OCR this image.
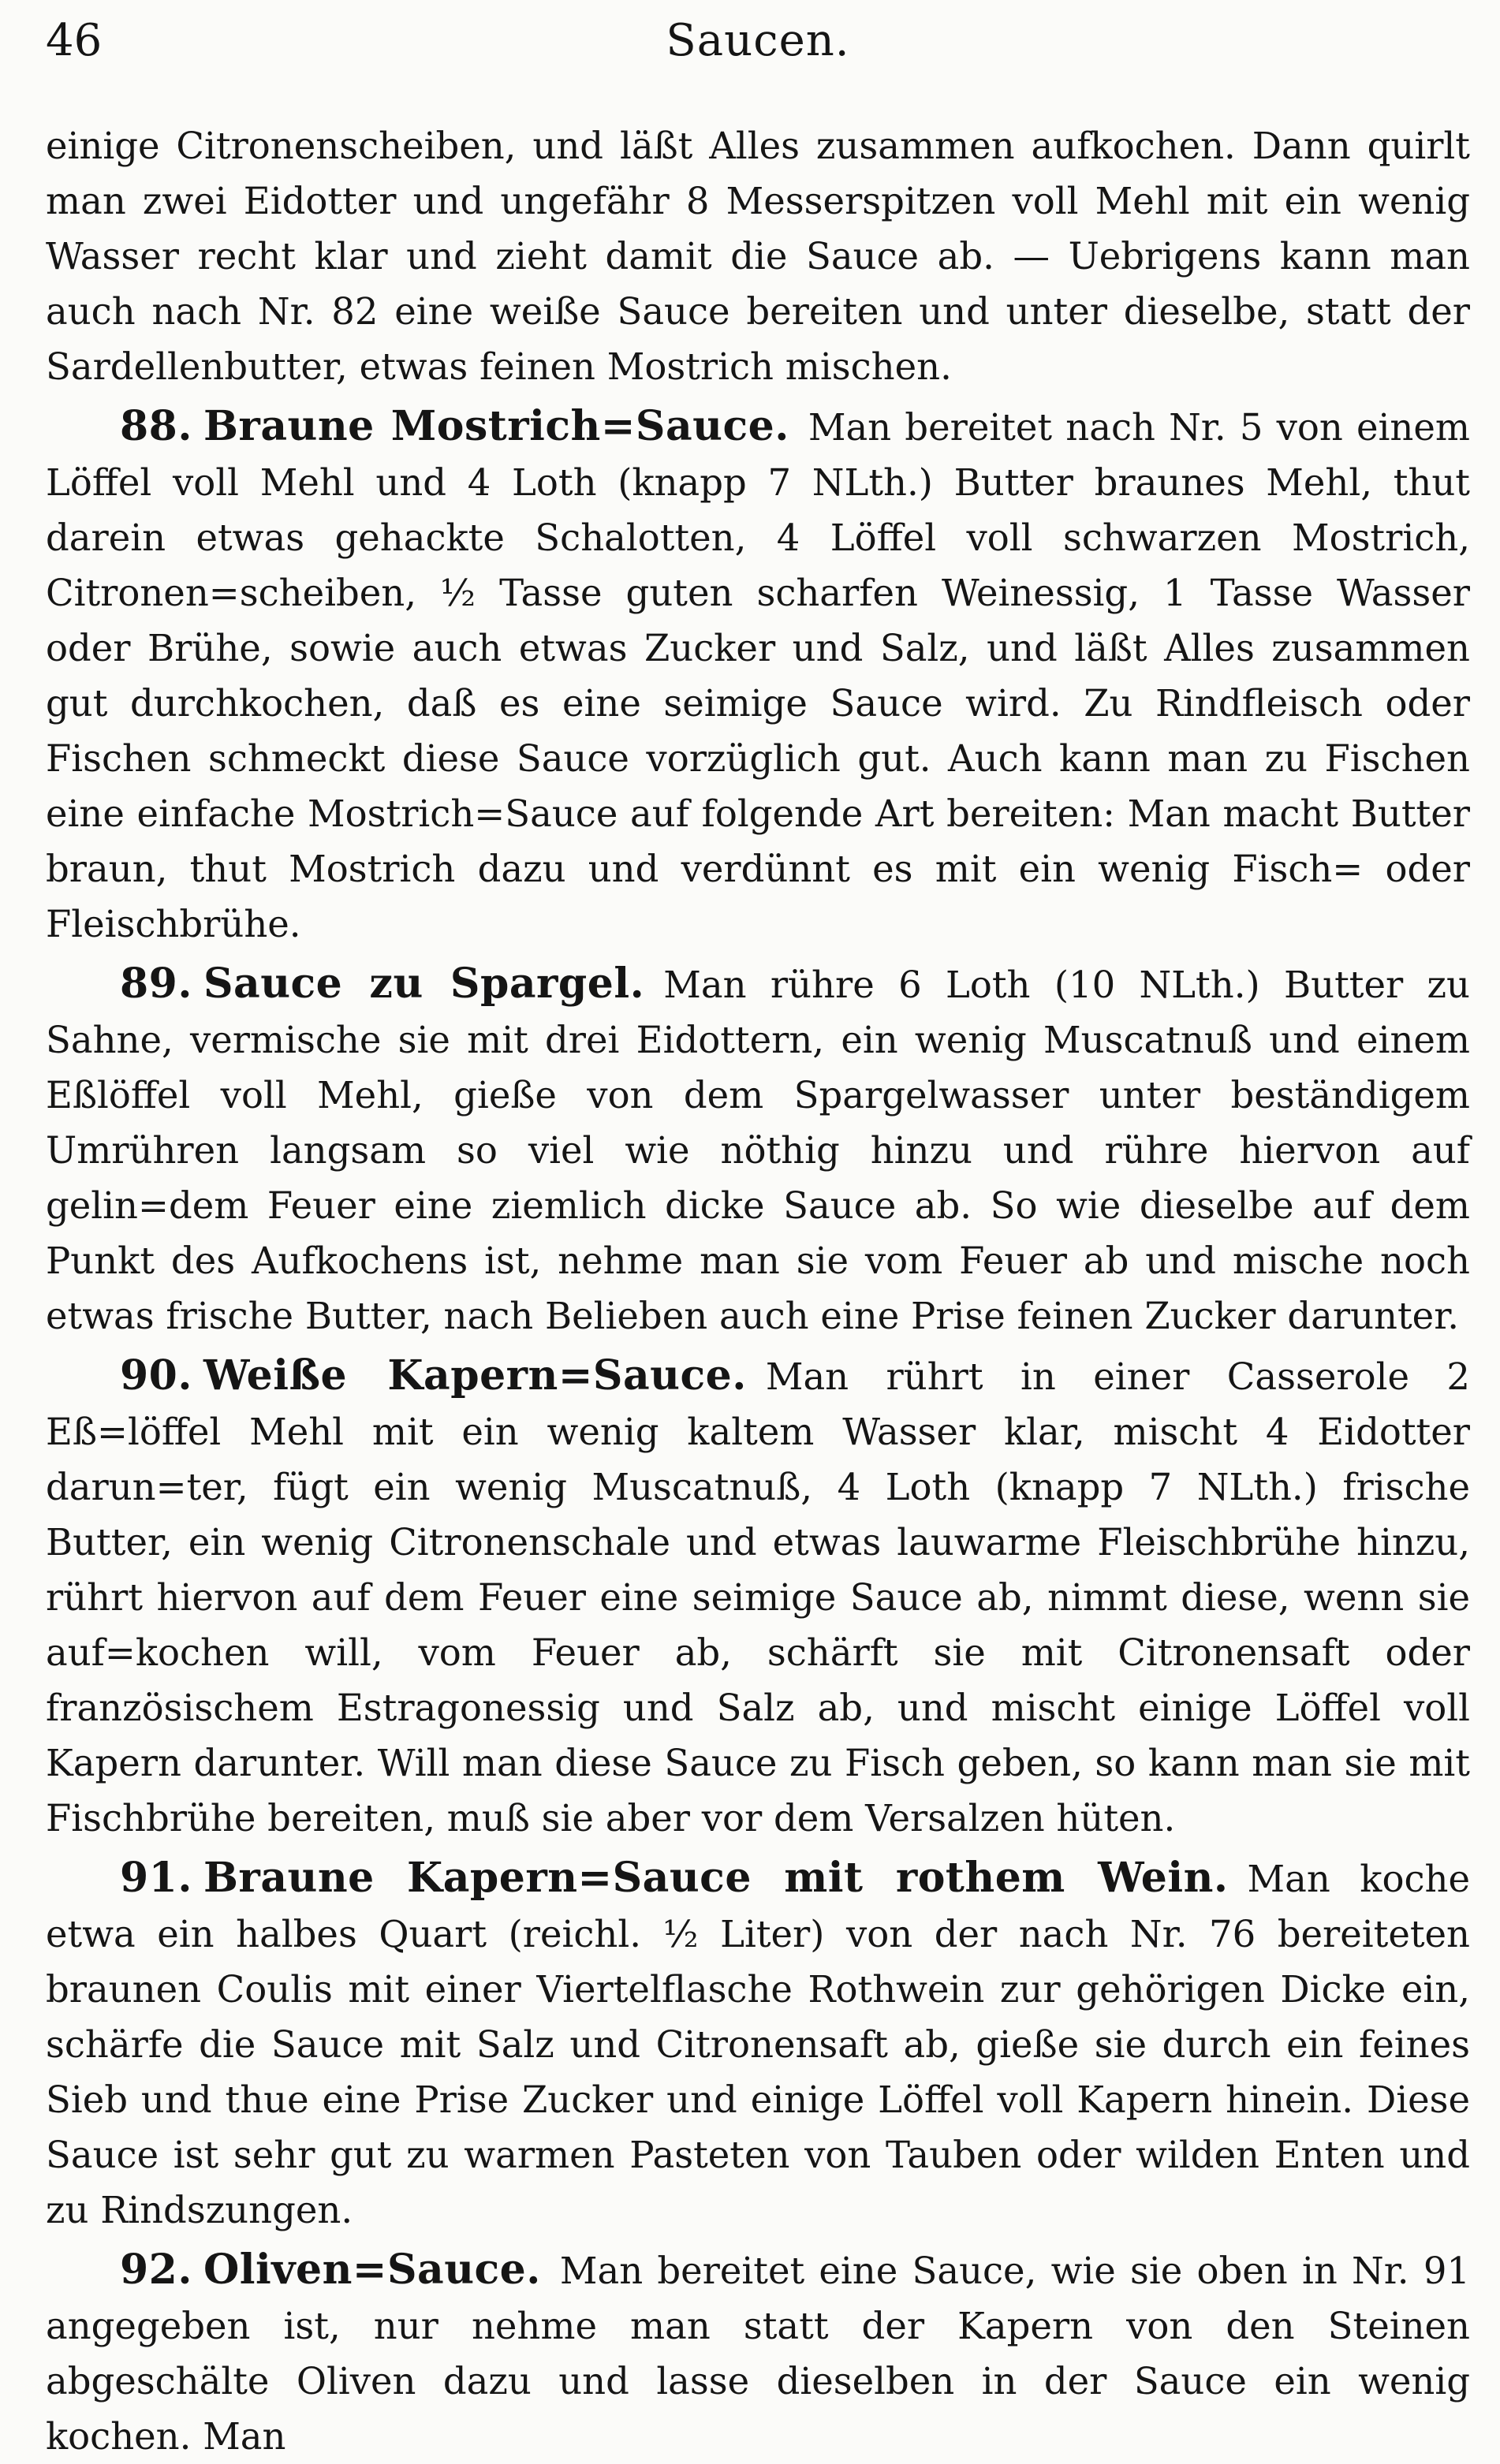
46	Saucen.

einige Citronenscheiben, und läßt Alles zusammen aufkochen. Dann quirlt man zwei Eidotter und ungefähr 8 Messerspitzen voll Mehl mit ein wenig Wasser recht klar und zieht damit die Sauce ab. — Uebrigens kann man auch nach Nr. 82 eine weiße Sauce bereiten und unter dieselbe, statt der Sardellenbutter, etwas feinen Mostrich mischen.

88. Braune Mostrich=Sauce. Man bereitet nach Nr. 5 von einem Löffel voll Mehl und 4 Loth (knapp 7 NLth.) Butter braunes Mehl, thut darein etwas gehackte Schalotten, 4 Löffel voll schwarzen Mostrich, Citronen=scheiben, ½ Tasse guten scharfen Weinessig, 1 Tasse Wasser oder Brühe, sowie auch etwas Zucker und Salz, und läßt Alles zusammen gut durchkochen, daß es eine seimige Sauce wird. Zu Rindfleisch oder Fischen schmeckt diese Sauce vorzüglich gut. Auch kann man zu Fischen eine einfache Mostrich=Sauce auf folgende Art bereiten: Man macht Butter braun, thut Mostrich dazu und verdünnt es mit ein wenig Fisch= oder Fleischbrühe.

89. Sauce zu Spargel. Man rühre 6 Loth (10 NLth.) Butter zu Sahne, vermische sie mit drei Eidottern, ein wenig Muscatnuß und einem Eßlöffel voll Mehl, gieße von dem Spargelwasser unter beständigem Umrühren langsam so viel wie nöthig hinzu und rühre hiervon auf gelin=dem Feuer eine ziemlich dicke Sauce ab. So wie dieselbe auf dem Punkt des Aufkochens ist, nehme man sie vom Feuer ab und mische noch etwas frische Butter, nach Belieben auch eine Prise feinen Zucker darunter.

90. Weiße Kapern=Sauce. Man rührt in einer Casserole 2 Eß=löffel Mehl mit ein wenig kaltem Wasser klar, mischt 4 Eidotter darun=ter, fügt ein wenig Muscatnuß, 4 Loth (knapp 7 NLth.) frische Butter, ein wenig Citronenschale und etwas lauwarme Fleischbrühe hinzu, rührt hiervon auf dem Feuer eine seimige Sauce ab, nimmt diese, wenn sie auf=kochen will, vom Feuer ab, schärft sie mit Citronensaft oder französischem Estragonessig und Salz ab, und mischt einige Löffel voll Kapern darunter. Will man diese Sauce zu Fisch geben, so kann man sie mit Fischbrühe bereiten, muß sie aber vor dem Versalzen hüten.

91. Braune Kapern=Sauce mit rothem Wein. Man koche etwa ein halbes Quart (reichl. ½ Liter) von der nach Nr. 76 bereiteten braunen Coulis mit einer Viertelflasche Rothwein zur gehörigen Dicke ein, schärfe die Sauce mit Salz und Citronensaft ab, gieße sie durch ein feines Sieb und thue eine Prise Zucker und einige Löffel voll Kapern hinein. Diese Sauce ist sehr gut zu warmen Pasteten von Tauben oder wilden Enten und zu Rindszungen.

92. Oliven=Sauce. Man bereitet eine Sauce, wie sie oben in Nr. 91 angegeben ist, nur nehme man statt der Kapern von den Steinen abgeschälte Oliven dazu und lasse dieselben in der Sauce ein wenig kochen. Man
